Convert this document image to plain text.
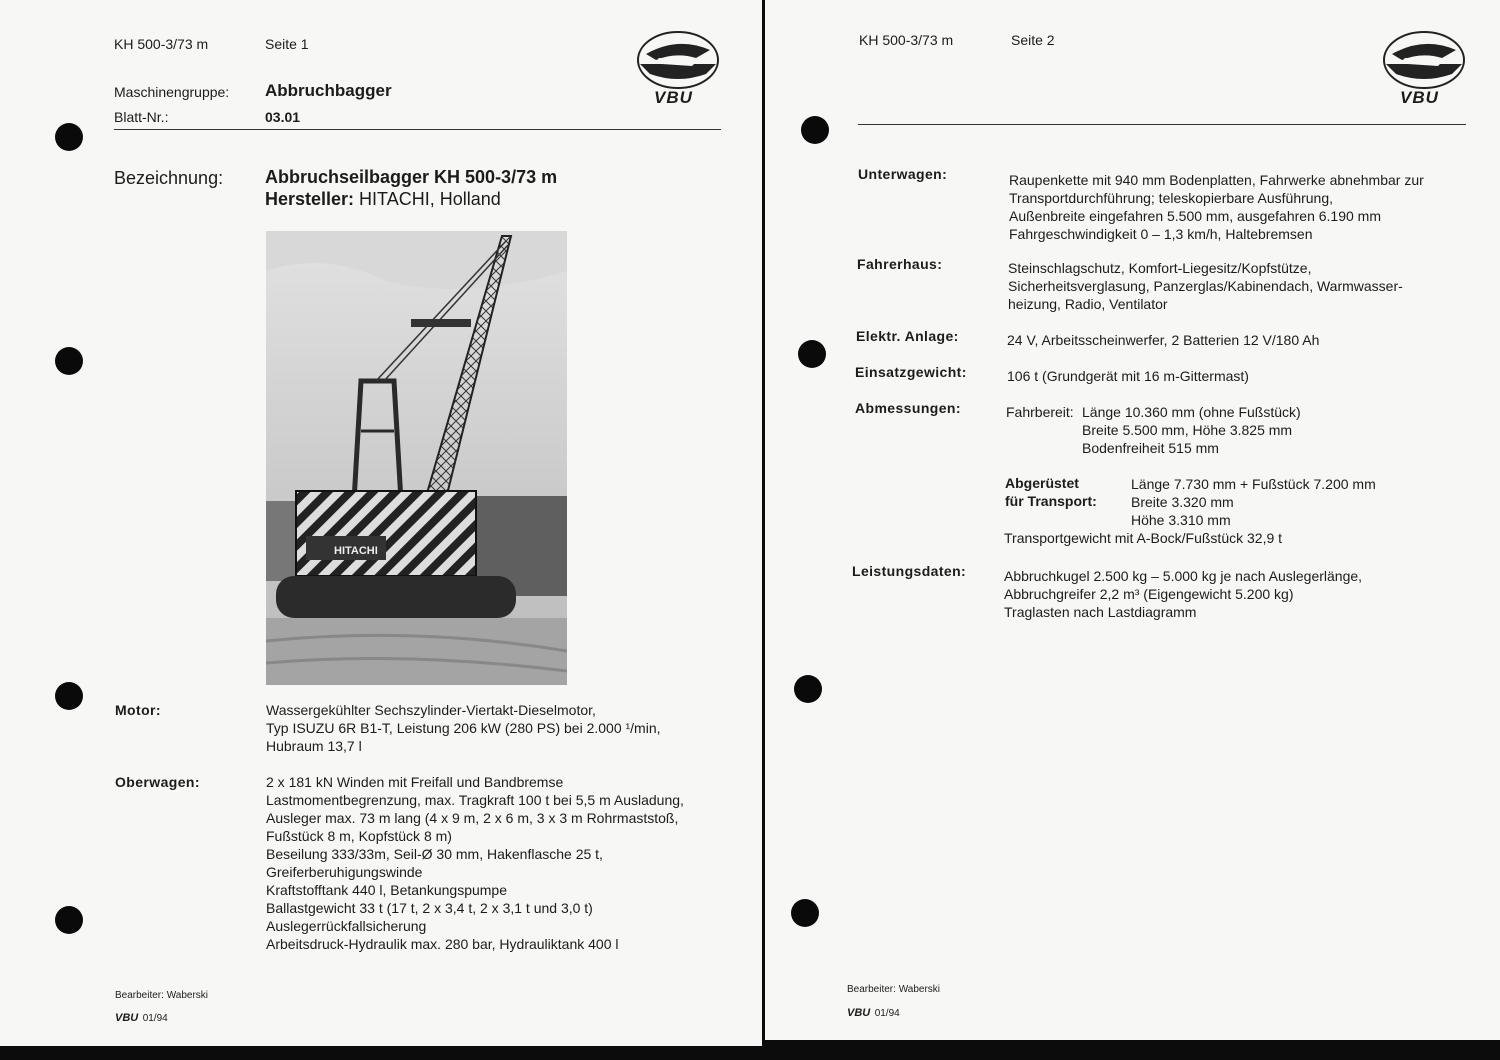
KH 500-3/73 m	Seite 1
Maschinengruppe: Abbruchbagger
Blatt-Nr.:	03.01
VBU
Bezeichnung: Abbruchseilbagger KH 500-3/73 m
Hersteller: HITACHI, Holland
HITACHI
Motor:	Wassergekühlter Sechszylinder-Viertakt-Dieselmotor,
Typ ISUZU 6R B1-T, Leistung 206 kW (280 PS) bei 2.000 ¹/min,
Hubraum 13,7 l
Oberwagen:	2 x 181 kN Winden mit Freifall und Bandbremse
Lastmomentbegrenzung, max. Tragkraft 100 t bei 5,5 m Ausladung,
Ausleger max. 73 m lang (4 x 9 m, 2 x 6 m, 3 x 3 m Rohrmaststoß,
Fußstück 8 m, Kopfstück 8 m)
Beseilung 333/33m, Seil-Ø 30 mm, Hakenflasche 25 t,
Greiferberuhigungswinde
Kraftstofftank 440 l, Betankungspumpe
Ballastgewicht 33 t (17 t, 2 x 3,4 t, 2 x 3,1 t und 3,0 t)
Auslegerrückfallsicherung
Arbeitsdruck-Hydraulik max. 280 bar, Hydrauliktank 400 l
Bearbeiter: Waberski
VBU 01/94
KH 500-3/73 m	Seite 2
VBU
Unterwagen:	Raupenkette mit 940 mm Bodenplatten, Fahrwerke abnehmbar zur
Transportdurchführung; teleskopierbare Ausführung,
Außenbreite eingefahren 5.500 mm, ausgefahren 6.190 mm
Fahrgeschwindigkeit 0 – 1,3 km/h, Haltebremsen
Fahrerhaus:	Steinschlagschutz, Komfort-Liegesitz/Kopfstütze,
Sicherheitsverglasung, Panzerglas/Kabinendach, Warmwasser-
heizung, Radio, Ventilator
Elektr. Anlage:	24 V, Arbeitsscheinwerfer, 2 Batterien 12 V/180 Ah
Einsatzgewicht:	106 t (Grundgerät mit 16 m-Gittermast)
Abmessungen:	Fahrbereit: Länge 10.360 mm (ohne Fußstück)
Breite 5.500 mm, Höhe 3.825 mm
Bodenfreiheit 515 mm
Abgerüstet
für Transport:
Länge 7.730 mm + Fußstück 7.200 mm
Breite 3.320 mm
Höhe 3.310 mm
Transportgewicht mit A-Bock/Fußstück 32,9 t
Leistungsdaten:	Abbruchkugel 2.500 kg – 5.000 kg je nach Auslegerlänge,
Abbruchgreifer 2,2 m³ (Eigengewicht 5.200 kg)
Traglasten nach Lastdiagramm
Bearbeiter: Waberski
VBU 01/94
